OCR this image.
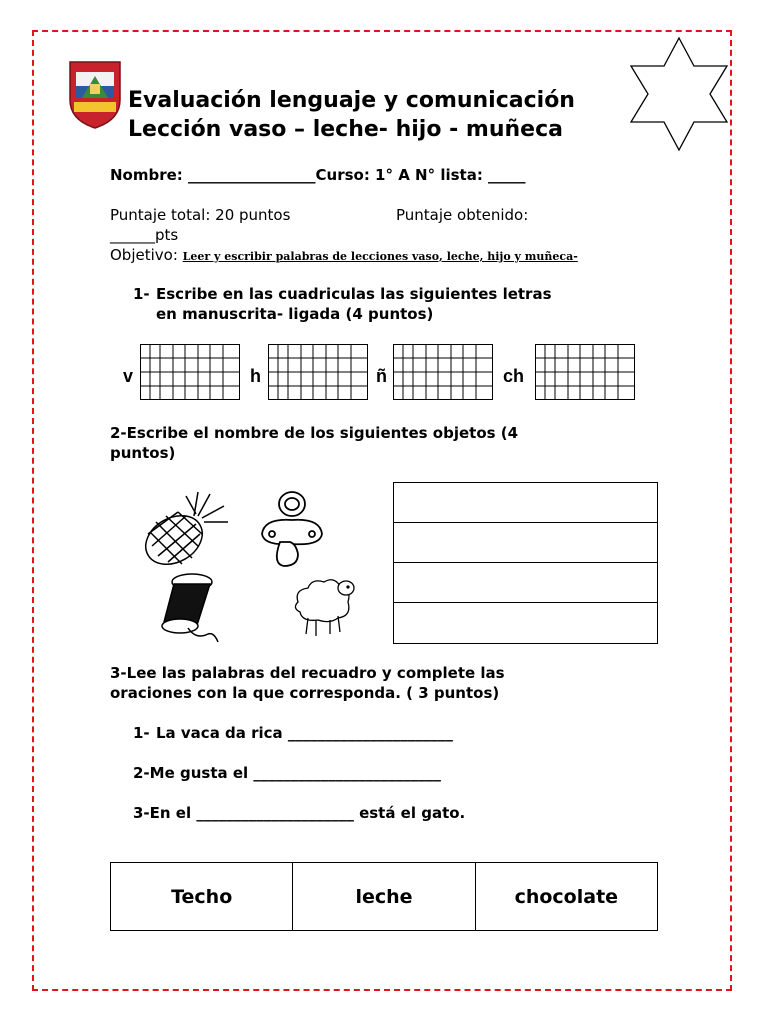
Evaluación lenguaje y comunicación
Lección vaso – leche- hijo - muñeca
Nombre: _________________Curso: 1° A N° lista: _____
Puntaje total: 20 puntos	Puntaje obtenido:
______pts
Objetivo: Leer y escribir palabras de lecciones vaso, leche, hijo y muñeca-
1- Escribe en las cuadriculas las siguientes letras
en manuscrita- ligada (4 puntos)
v	h	ñ	ch
2-Escribe el nombre de los siguientes objetos (4
puntos)
3-Lee las palabras del recuadro y complete las
oraciones con la que corresponda. ( 3 puntos)
1- La vaca da rica ______________________
2-Me gusta el _________________________
3-En el _____________________ está el gato.
Techo	leche	chocolate
